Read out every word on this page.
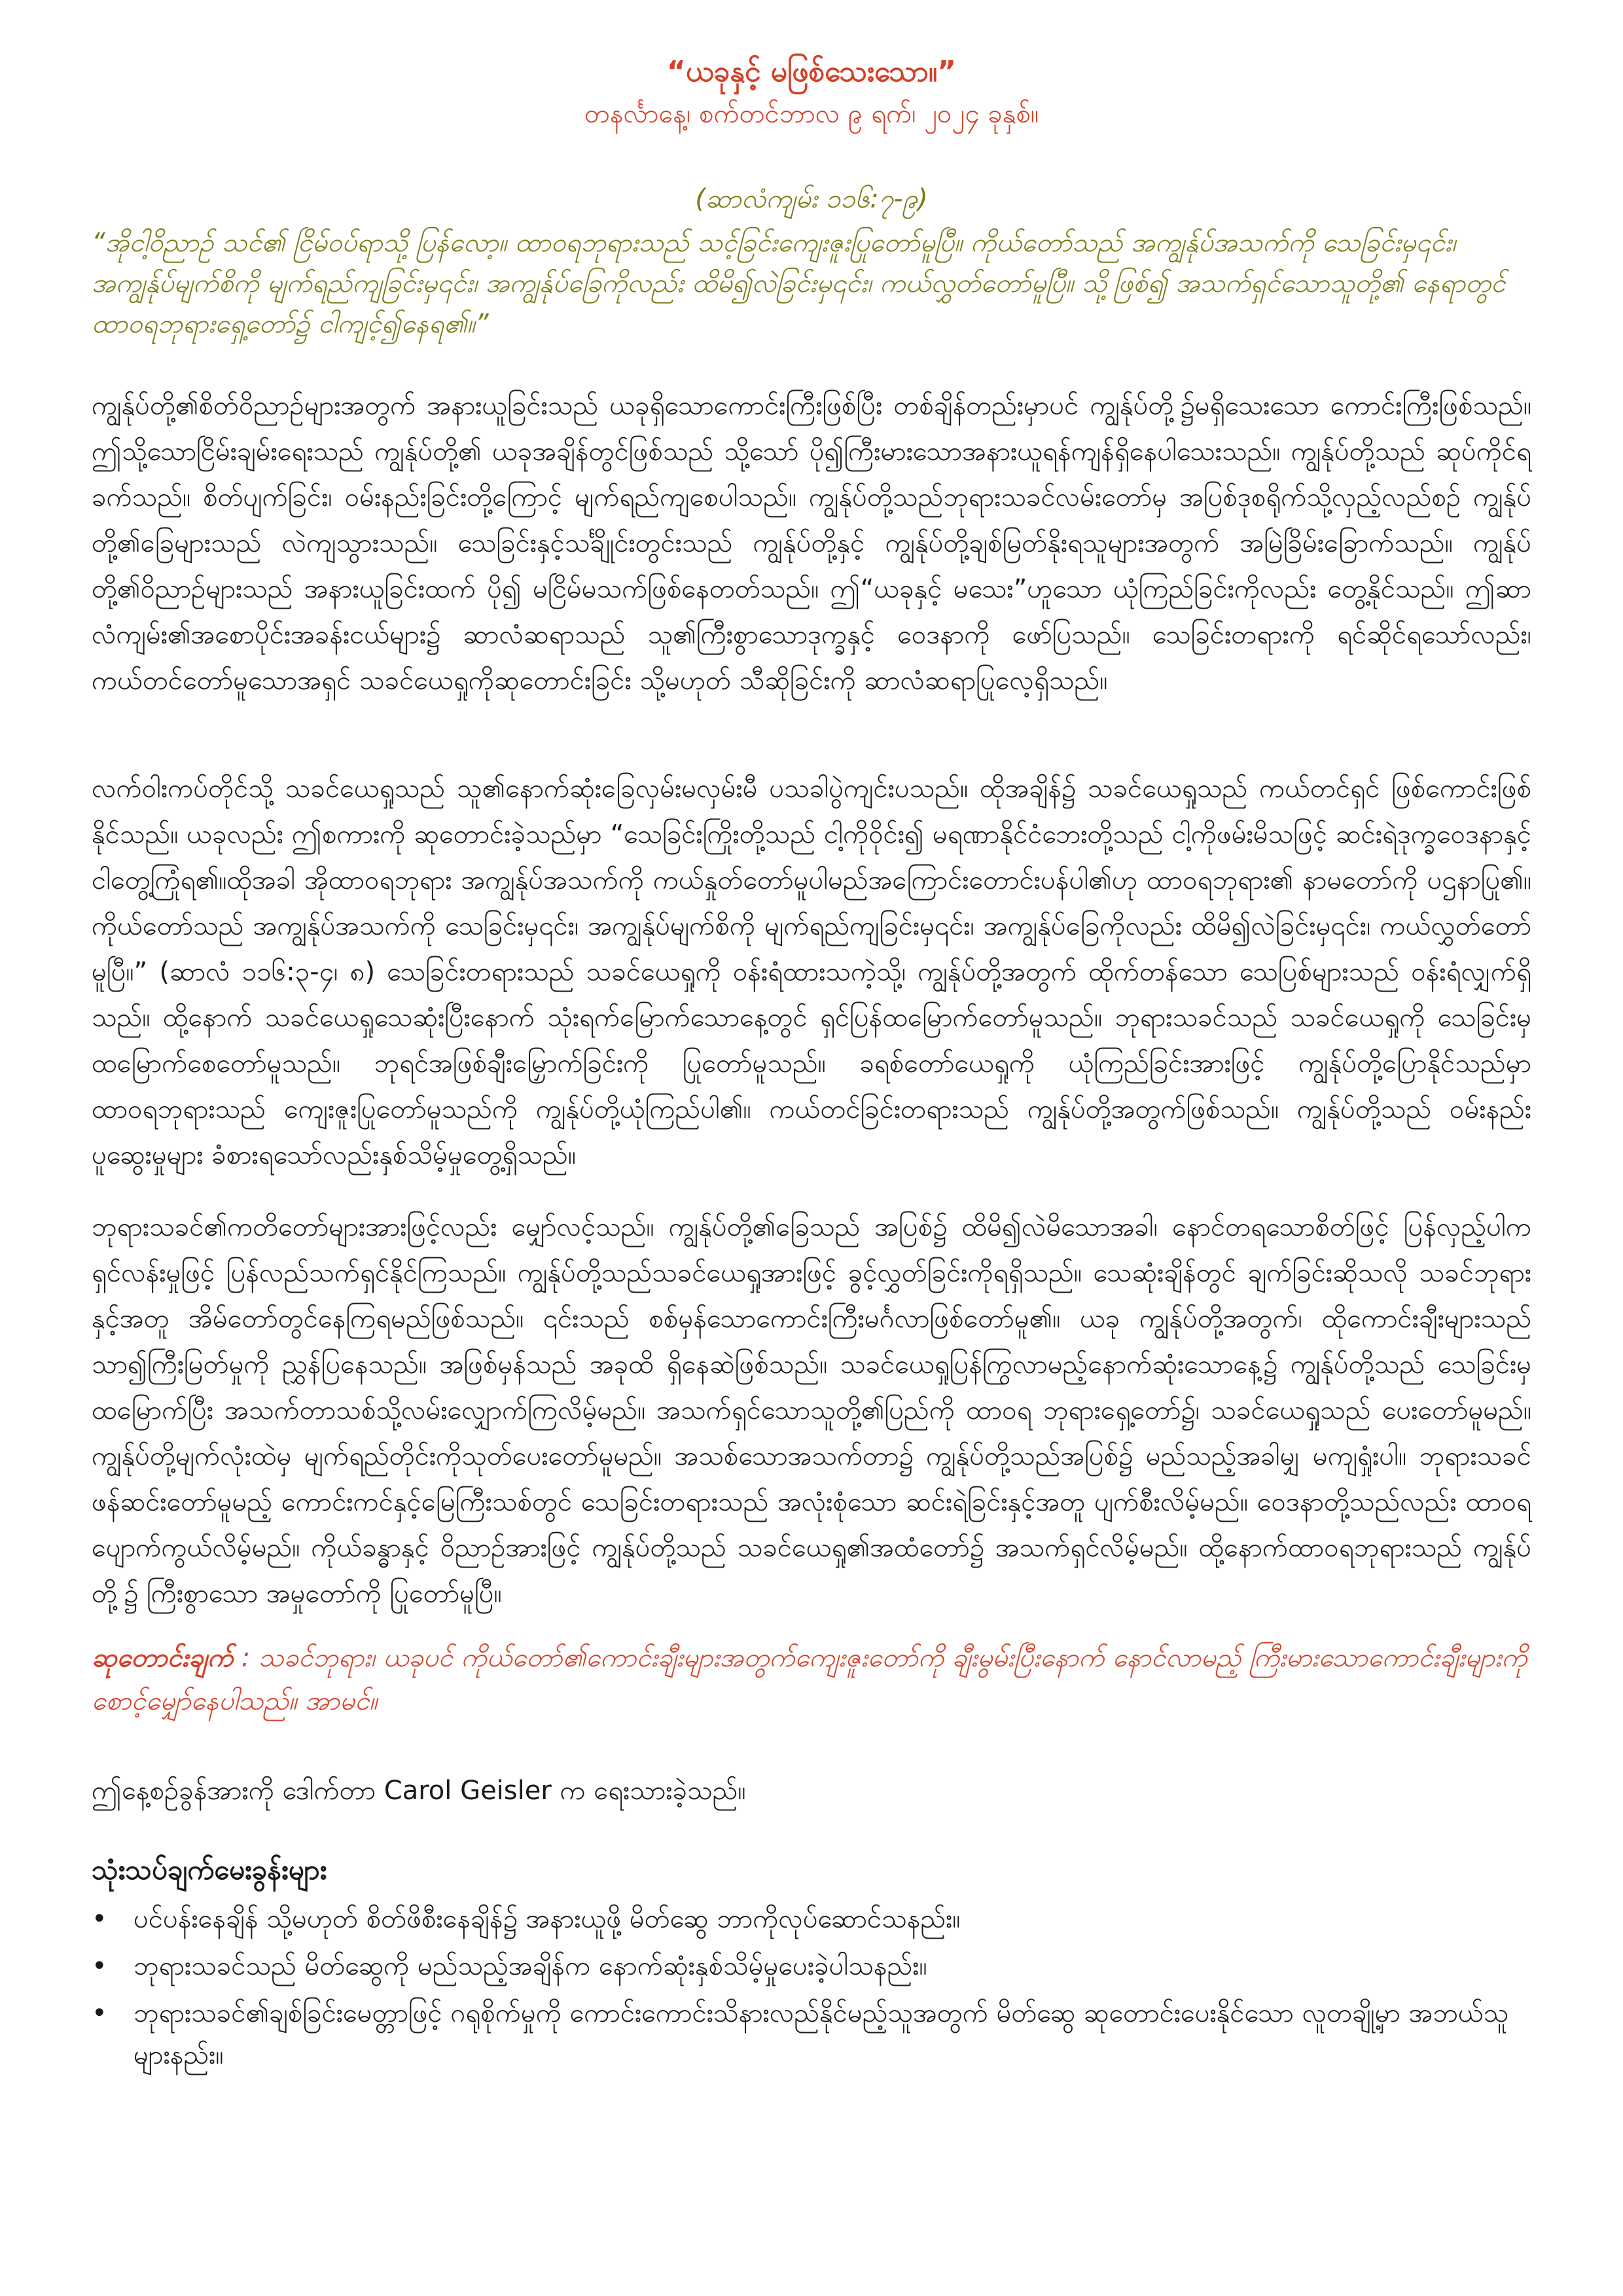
“ယခုနှင့် မဖြစ်သေးသော။”
တနင်္လာနေ့၊ စက်တင်ဘာလ ၉ ရက်၊ ၂၀၂၄ ခုနှစ်။
(ဆာလံကျမ်း ၁၁၆:၇-၉)

“အိုငါ့ဝိညာဉ် သင်၏ ငြိမ်ဝပ်ရာသို့ ပြန်လော့။ ထာဝရဘုရားသည် သင့်ခြင်းကျေးဇူးပြုတော်မူပြီ။ ကိုယ်တော်သည် အကျွန်ုပ်အသက်ကို သေခြင်းမှ၎င်း၊ အကျွန်ုပ်မျက်စိကို မျက်ရည်ကျခြင်းမှ၎င်း၊ အကျွန်ုပ်ခြေကိုလည်း ထိမိ၍လဲခြင်းမှ၎င်း၊ ကယ်လွှတ်တော်မူပြီ။ သို့ဖြစ်၍ အသက်ရှင်သောသူတို့၏ နေရာတွင် ထာဝရဘုရားရှေ့တော်၌ ငါကျင့်၍နေရ၏။”

ကျွန်ုပ်တို့၏စိတ်ဝိညာဉ်များအတွက် အနားယူခြင်းသည် ယခုရှိသောကောင်းကြီးဖြစ်ပြီး တစ်ချိန်တည်းမှာပင် ကျွန်ုပ်တို့၌မရှိသေးသော ကောင်းကြီးဖြစ်သည်။ ဤသို့သောငြိမ်းချမ်းရေးသည် ကျွန်ုပ်တို့၏ ယခုအချိန်တွင်ဖြစ်သည် သို့သော် ပို၍ကြီးမားသောအနားယူရန်ကျန်ရှိနေပါသေးသည်။ ကျွန်ုပ်တို့သည် ဆုပ်ကိုင်ရခက်သည်။ စိတ်ပျက်ခြင်း၊ ဝမ်းနည်းခြင်းတို့ကြောင့် မျက်ရည်ကျစေပါသည်။ ကျွန်ုပ်တို့သည်ဘုရားသခင်လမ်းတော်မှ အပြစ်ဒုစရိုက်သို့လှည့်လည်စဉ် ကျွန်ုပ်တို့၏ခြေများသည် လဲကျသွားသည်။ သေခြင်းနှင့်သင်္ချိုင်းတွင်းသည် ကျွန်ုပ်တို့နှင့် ကျွန်ုပ်တို့ချစ်မြတ်နိုးရသူများအတွက် အမြဲခြိမ်းခြောက်သည်။ ကျွန်ုပ်တို့၏ဝိညာဉ်များသည် အနားယူခြင်းထက် ပို၍ မငြိမ်မသက်ဖြစ်နေတတ်သည်။ ဤ“ယခုနှင့် မသေး”ဟူသော ယုံကြည်ခြင်းကိုလည်း တွေ့နိုင်သည်။ ဤဆာလံကျမ်း၏အစောပိုင်းအခန်းငယ်များ၌ ဆာလံဆရာသည် သူ၏ကြီးစွာသောဒုက္ခနှင့် ဝေဒနာကို ဖော်ပြသည်။ သေခြင်းတရားကို ရင်ဆိုင်ရသော်လည်း၊ ကယ်တင်တော်မူသောအရှင် သခင်ယေရှုကိုဆုတောင်းခြင်း သို့မဟုတ် သီဆိုခြင်းကို ဆာလံဆရာပြုလေ့ရှိသည်။

လက်ဝါးကပ်တိုင်သို့ သခင်ယေရှုသည် သူ၏နောက်ဆုံးခြေလှမ်းမလှမ်းမီ ပသခါပွဲကျင်းပသည်။ ထိုအချိန်၌ သခင်ယေရှုသည် ကယ်တင်ရှင် ဖြစ်ကောင်းဖြစ်နိုင်သည်။ ယခုလည်း ဤစကားကို ဆုတောင်းခဲ့သည်မှာ “သေခြင်းကြိုးတို့သည် ငါ့ကိုဝိုင်း၍ မရဏာနိုင်ငံဘေးတို့သည် ငါ့ကိုဖမ်းမိသဖြင့် ဆင်းရဲဒုက္ခဝေဒနာနှင့် ငါတွေ့ကြုံရ၏။ထိုအခါ အိုထာဝရဘုရား အကျွန်ုပ်အသက်ကို ကယ်နှုတ်တော်မူပါမည်အကြောင်းတောင်းပန်ပါ၏ဟု ထာဝရဘုရား၏ နာမတော်ကို ပဌနာပြု၏။ ကိုယ်တော်သည် အကျွန်ုပ်အသက်ကို သေခြင်းမှ၎င်း၊ အကျွန်ုပ်မျက်စိကို မျက်ရည်ကျခြင်းမှ၎င်း၊ အကျွန်ုပ်ခြေကိုလည်း ထိမိ၍လဲခြင်းမှ၎င်း၊ ကယ်လွှတ်တော်မူပြီ။” (ဆာလံ ၁၁၆:၃-၄၊ ၈) သေခြင်းတရားသည် သခင်ယေရှုကို ဝန်းရံထားသကဲ့သို့၊ ကျွန်ုပ်တို့အတွက် ထိုက်တန်သော သေပြစ်များသည် ဝန်းရံလျှက်ရှိသည်။ ထို့နောက် သခင်ယေရှုသေဆုံးပြီးနောက် သုံးရက်မြောက်သောနေ့တွင် ရှင်ပြန်ထမြောက်တော်မူသည်။ ဘုရားသခင်သည် သခင်ယေရှုကို သေခြင်းမှ ထမြောက်စေတော်မူသည်။ ဘုရင်အဖြစ်ချီးမြှောက်ခြင်းကို ပြုတော်မူသည်။ ခရစ်တော်ယေရှုကို ယုံကြည်ခြင်းအားဖြင့် ကျွန်ုပ်တို့ပြောနိုင်သည်မှာ ထာဝရဘုရားသည် ကျေးဇူးပြုတော်မူသည်ကို ကျွန်ုပ်တို့ယုံကြည်ပါ၏။ ကယ်တင်ခြင်းတရားသည် ကျွန်ုပ်တို့အတွက်ဖြစ်သည်။ ကျွန်ုပ်တို့သည် ဝမ်းနည်းပူဆွေးမှုများ ခံစားရသော်လည်းနှစ်သိမ့်မှုတွေ့ရှိသည်။

ဘုရားသခင်၏ကတိတော်များအားဖြင့်လည်း မျှော်လင့်သည်။ ကျွန်ုပ်တို့၏ခြေသည် အပြစ်၌ ထိမိ၍လဲမိသောအခါ၊ နောင်တရသောစိတ်ဖြင့် ပြန်လှည့်ပါက ရှင်လန်းမှုဖြင့် ပြန်လည်သက်ရှင်နိုင်ကြသည်။ ကျွန်ုပ်တို့သည်သခင်ယေရှုအားဖြင့် ခွင့်လွှတ်ခြင်းကိုရရှိသည်။ သေဆုံးချိန်တွင် ချက်ခြင်းဆိုသလို သခင်ဘုရားနှင့်အတူ အိမ်တော်တွင်နေကြရမည်ဖြစ်သည်။ ၎င်းသည် စစ်မှန်သောကောင်းကြီးမင်္ဂလာဖြစ်တော်မူ၏။ ယခု ကျွန်ုပ်တို့အတွက်၊ ထိုကောင်းချီးများသည် သာ၍ကြီးမြတ်မှုကို ညွှန်ပြနေသည်။ အဖြစ်မှန်သည် အခုထိ ရှိနေဆဲဖြစ်သည်။ သခင်ယေရှုပြန်ကြွလာမည့်နောက်ဆုံးသောနေ့၌ ကျွန်ုပ်တို့သည် သေခြင်းမှထမြောက်ပြီး အသက်တာသစ်သို့လမ်းလျှောက်ကြလိမ့်မည်။ အသက်ရှင်သောသူတို့၏ပြည်ကို ထာဝရ ဘုရားရှေ့တော်၌၊ သခင်ယေရှုသည် ပေးတော်မူမည်။ ကျွန်ုပ်တို့မျက်လုံးထဲမှ မျက်ရည်တိုင်းကိုသုတ်ပေးတော်မူမည်။ အသစ်သောအသက်တာ၌ ကျွန်ုပ်တို့သည်အပြစ်၌ မည်သည့်အခါမျှ မကျရှုံးပါ။ ဘုရားသခင်ဖန်ဆင်းတော်မူမည့် ကောင်းကင်နှင့်မြေကြီးသစ်တွင် သေခြင်းတရားသည် အလုံးစုံသော ဆင်းရဲခြင်းနှင့်အတူ ပျက်စီးလိမ့်မည်။ ဝေဒနာတို့သည်လည်း ထာဝရပျောက်ကွယ်လိမ့်မည်။ ကိုယ်ခန္ဓာနှင့် ဝိညာဉ်အားဖြင့် ကျွန်ုပ်တို့သည် သခင်ယေရှု၏အထံတော်၌ အသက်ရှင်လိမ့်မည်။ ထို့နောက်ထာဝရဘုရားသည် ကျွန်ုပ်တို့၌ ကြီးစွာသော အမှုတော်ကို ပြုတော်မူပြီ။

ဆုတောင်းချက် : သခင်ဘုရား၊ ယခုပင် ကိုယ်တော်၏ကောင်းချီးများအတွက်ကျေးဇူးတော်ကို ချီးမွမ်းပြီးနောက် နောင်လာမည့် ကြီးမားသောကောင်းချီးများကိုစောင့်မျှော်နေပါသည်။ အာမင်။

ဤနေ့စဉ်ခွန်အားကို ဒေါက်တာ Carol Geisler က ရေးသားခဲ့သည်။

သုံးသပ်ချက်မေးခွန်းများ

• ပင်ပန်းနေချိန် သို့မဟုတ် စိတ်ဖိစီးနေချိန်၌ အနားယူဖို့ မိတ်ဆွေ ဘာကိုလုပ်ဆောင်သနည်း။
• ဘုရားသခင်သည် မိတ်ဆွေကို မည်သည့်အချိန်က နောက်ဆုံးနှစ်သိမ့်မှုပေးခဲ့ပါသနည်း။
• ဘုရားသခင်၏ချစ်ခြင်းမေတ္တာဖြင့် ဂရုစိုက်မှုကို ကောင်းကောင်းသိနားလည်နိုင်မည့်သူအတွက် မိတ်ဆွေ ဆုတောင်းပေးနိုင်သော လူတချို့မှာ အဘယ်သူများနည်း။
